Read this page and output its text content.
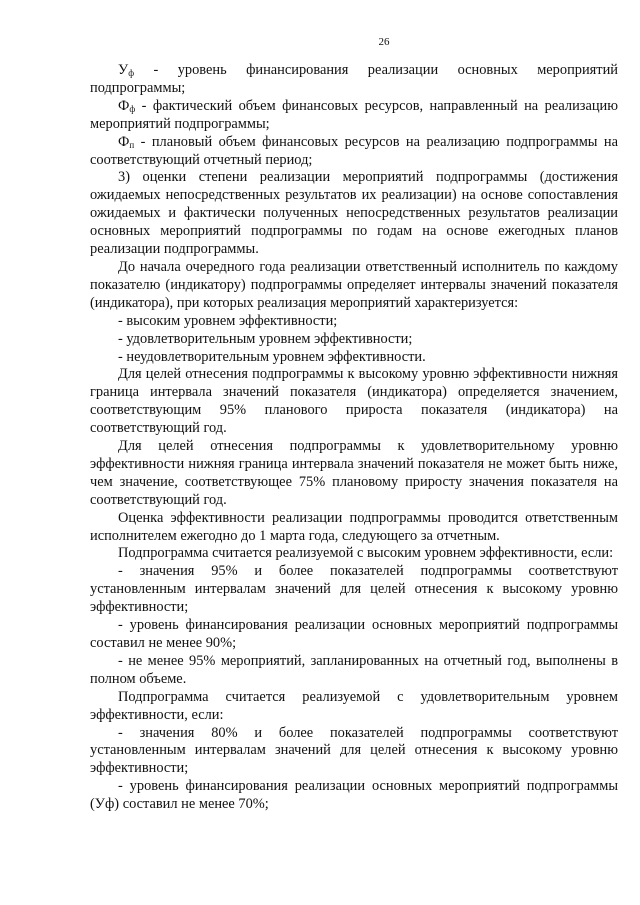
26

$У_ф$ - уровень финансирования реализации основных мероприятий подпрограммы;

$Ф_ф$ - фактический объем финансовых ресурсов, направленный на реализацию мероприятий подпрограммы;

$Ф_п$ - плановый объем финансовых ресурсов на реализацию подпрограммы на соответствующий отчетный период;

3) оценки степени реализации мероприятий подпрограммы (достижения ожидаемых непосредственных результатов их реализации) на основе сопоставления ожидаемых и фактически полученных непосредственных результатов реализации основных мероприятий подпрограммы по годам на основе ежегодных планов реализации подпрограммы.

До начала очередного года реализации ответственный исполнитель по каждому показателю (индикатору) подпрограммы определяет интервалы значений показателя (индикатора), при которых реализация мероприятий характеризуется:

- высоким уровнем эффективности;

- удовлетворительным уровнем эффективности;

- неудовлетворительным уровнем эффективности.

Для целей отнесения подпрограммы к высокому уровню эффективности нижняя граница интервала значений показателя (индикатора) определяется значением, соответствующим 95% планового прироста показателя (индикатора) на соответствующий год.

Для целей отнесения подпрограммы к удовлетворительному уровню эффективности нижняя граница интервала значений показателя не может быть ниже, чем значение, соответствующее 75% плановому приросту значения показателя на соответствующий год.

Оценка эффективности реализации подпрограммы проводится ответственным исполнителем ежегодно до 1 марта года, следующего за отчетным.

Подпрограмма считается реализуемой с высоким уровнем эффективности, если:

- значения 95% и более показателей подпрограммы соответствуют установленным интервалам значений для целей отнесения к высокому уровню эффективности;

- уровень финансирования реализации основных мероприятий подпрограммы составил не менее 90%;

- не менее 95% мероприятий, запланированных на отчетный год, выполнены в полном объеме.

Подпрограмма считается реализуемой с удовлетворительным уровнем эффективности, если:

- значения 80% и более показателей подпрограммы соответствуют установленным интервалам значений для целей отнесения к высокому уровню эффективности;

- уровень финансирования реализации основных мероприятий подпрограммы (Уф) составил не менее 70%;
